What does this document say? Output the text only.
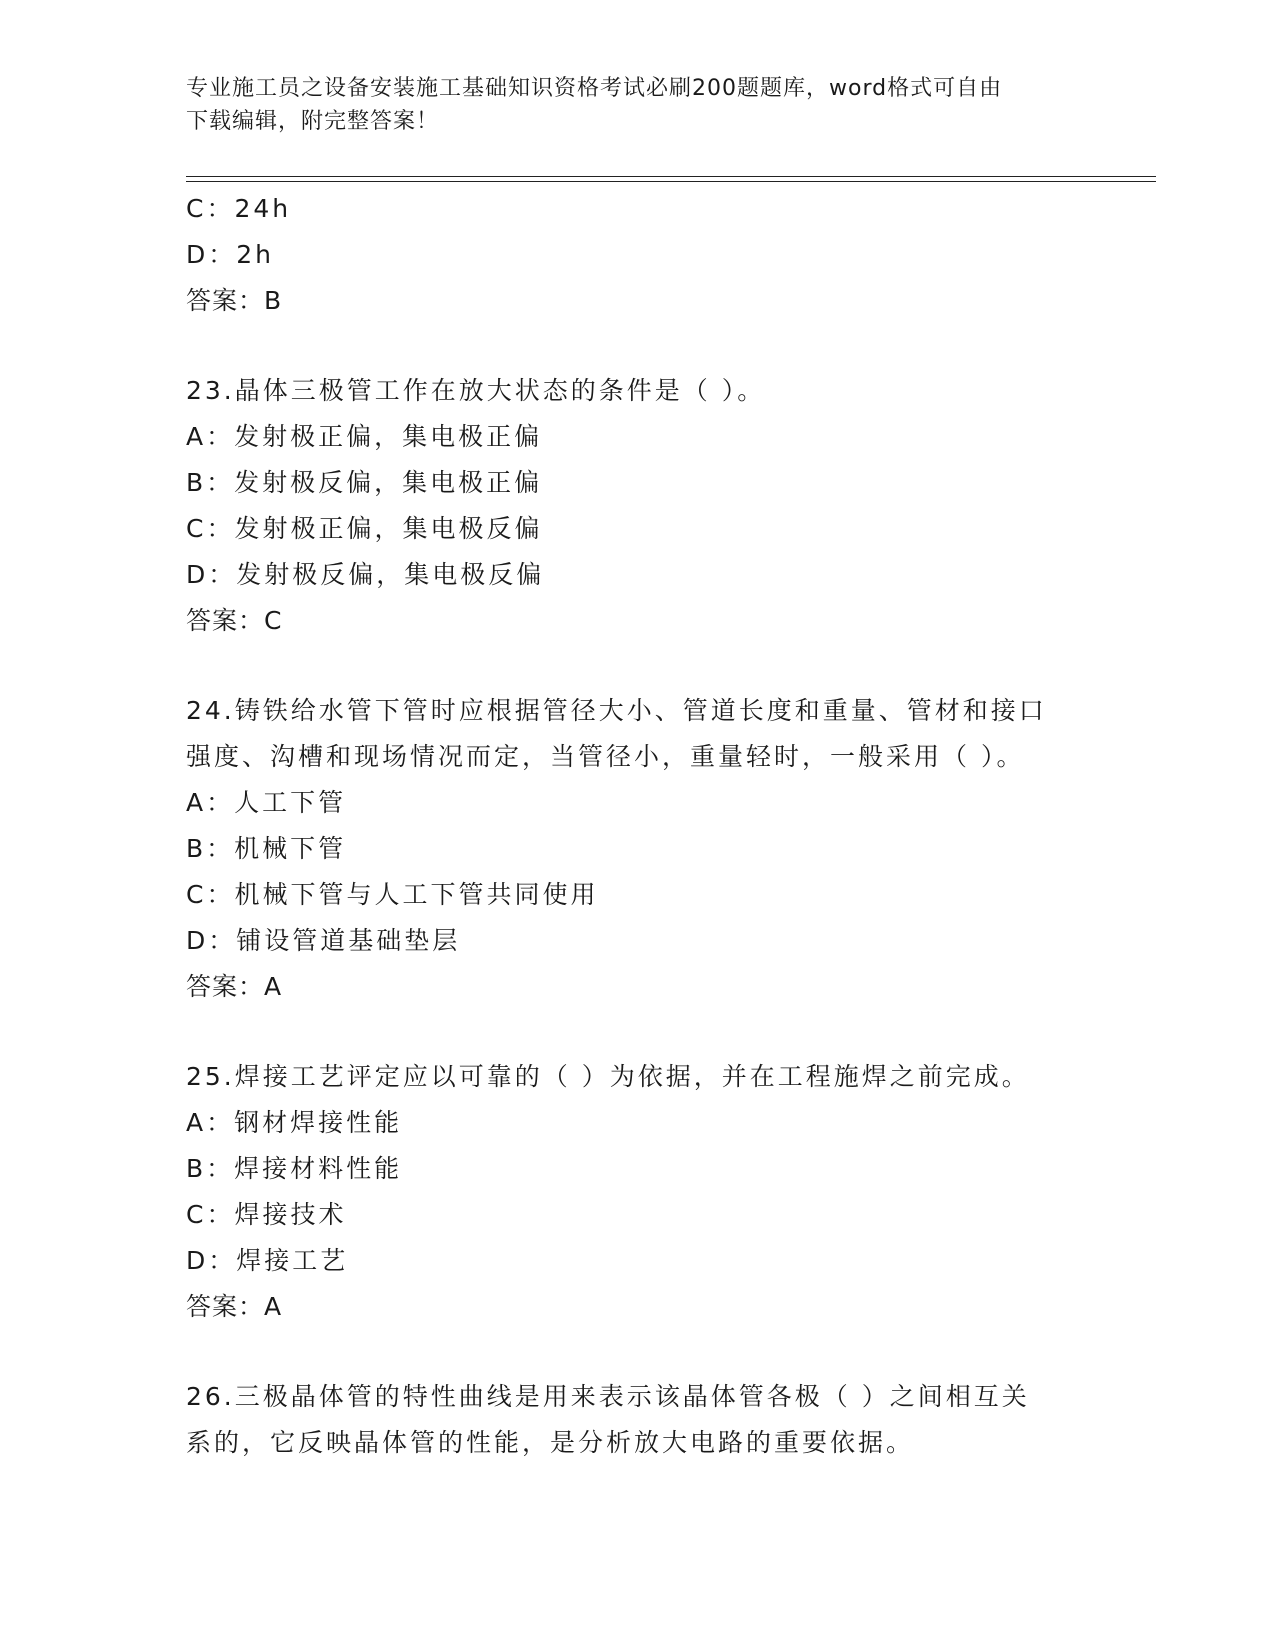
专业施工员之设备安装施工基础知识资格考试必刷200题题库，word格式可自由
下载编辑，附完整答案！
C：24h
D：2h
答案：B
23.晶体三极管工作在放大状态的条件是（ ）。
A：发射极正偏，集电极正偏
B：发射极反偏，集电极正偏
C：发射极正偏，集电极反偏
D：发射极反偏，集电极反偏
答案：C
24.铸铁给水管下管时应根据管径大小、管道长度和重量、管材和接口
强度、沟槽和现场情况而定，当管径小，重量轻时，一般采用（ ）。
A：人工下管
B：机械下管
C：机械下管与人工下管共同使用
D：铺设管道基础垫层
答案：A
25.焊接工艺评定应以可靠的（ ）为依据，并在工程施焊之前完成。
A：钢材焊接性能
B：焊接材料性能
C：焊接技术
D：焊接工艺
答案：A
26.三极晶体管的特性曲线是用来表示该晶体管各极（ ）之间相互关
系的，它反映晶体管的性能，是分析放大电路的重要依据。
